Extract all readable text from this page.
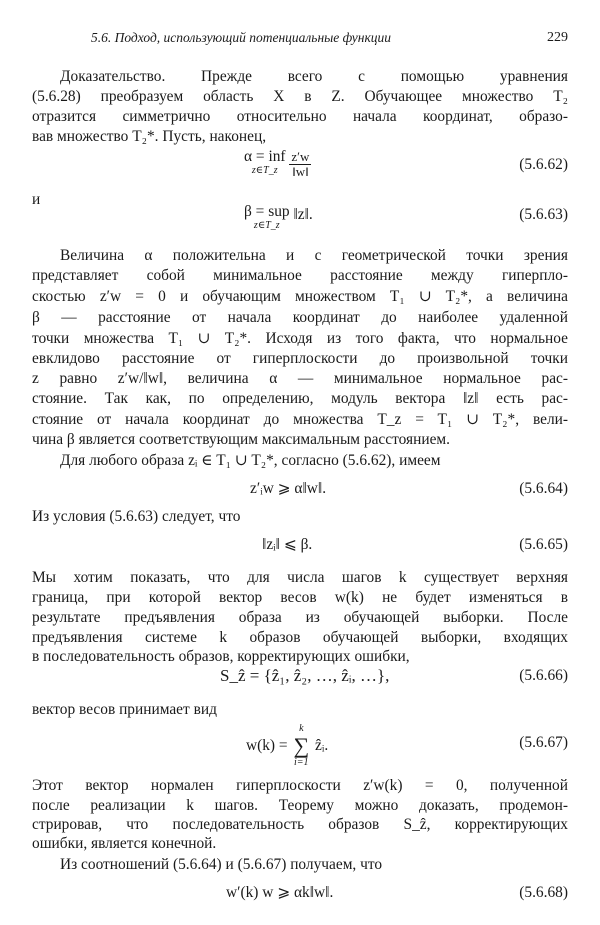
5.6. Подход, использующий потенциальные функции	229
Доказательство. Прежде всего с помощью уравнения
(5.6.28) преобразуем область X в Z. Обучающее множество T₂
отразится симметрично относительно начала координат, образо-
вав множество T₂*. Пусть, наконец,
α = inf
z∈T_z
$\frac{z'w}{‖w‖}$	(5.6.62)
и
β = sup
z∈T_z
‖z‖.	(5.6.63)
Величина α положительна и с геометрической точки зрения
представляет собой минимальное расстояние между гиперпло-
скостью z′w = 0 и обучающим множеством T₁ ∪ T₂*, а величина
β — расстояние от начала координат до наиболее удаленной
точки множества T₁ ∪ T₂*. Исходя из того факта, что нормальное
евклидово расстояние от гиперплоскости до произвольной точки
z равно z′w/‖w‖, величина α — минимальное нормальное рас-
стояние. Так как, по определению, модуль вектора ‖z‖ есть рас-
стояние от начала координат до множества T_z = T₁ ∪ T₂*, вели-
чина β является соответствующим максимальным расстоянием.
Для любого образа zᵢ ∈ T₁ ∪ T₂*, согласно (5.6.62), имеем
z′ᵢw ⩾ α‖w‖.	(5.6.64)
Из условия (5.6.63) следует, что
‖zᵢ‖ ⩽ β.	(5.6.65)
Мы хотим показать, что для числа шагов k существует верхняя
граница, при которой вектор весов w(k) не будет изменяться в
результате предъявления образа из обучающей выборки. После
предъявления системе k образов обучающей выборки, входящих
в последовательность образов, корректирующих ошибки,
S_ẑ = {ẑ₁, ẑ₂, …, ẑᵢ, …},	(5.6.66)
вектор весов принимает вид
w(k) =
k
∑
i=1
ẑᵢ.	(5.6.67)
Этот вектор нормален гиперплоскости z′w(k) = 0, полученной
после реализации k шагов. Теорему можно доказать, продемон-
стрировав, что последовательность образов S_ẑ, корректирующих
ошибки, является конечной.
Из соотношений (5.6.64) и (5.6.67) получаем, что
w′(k) w ⩾ αk‖w‖.	(5.6.68)
